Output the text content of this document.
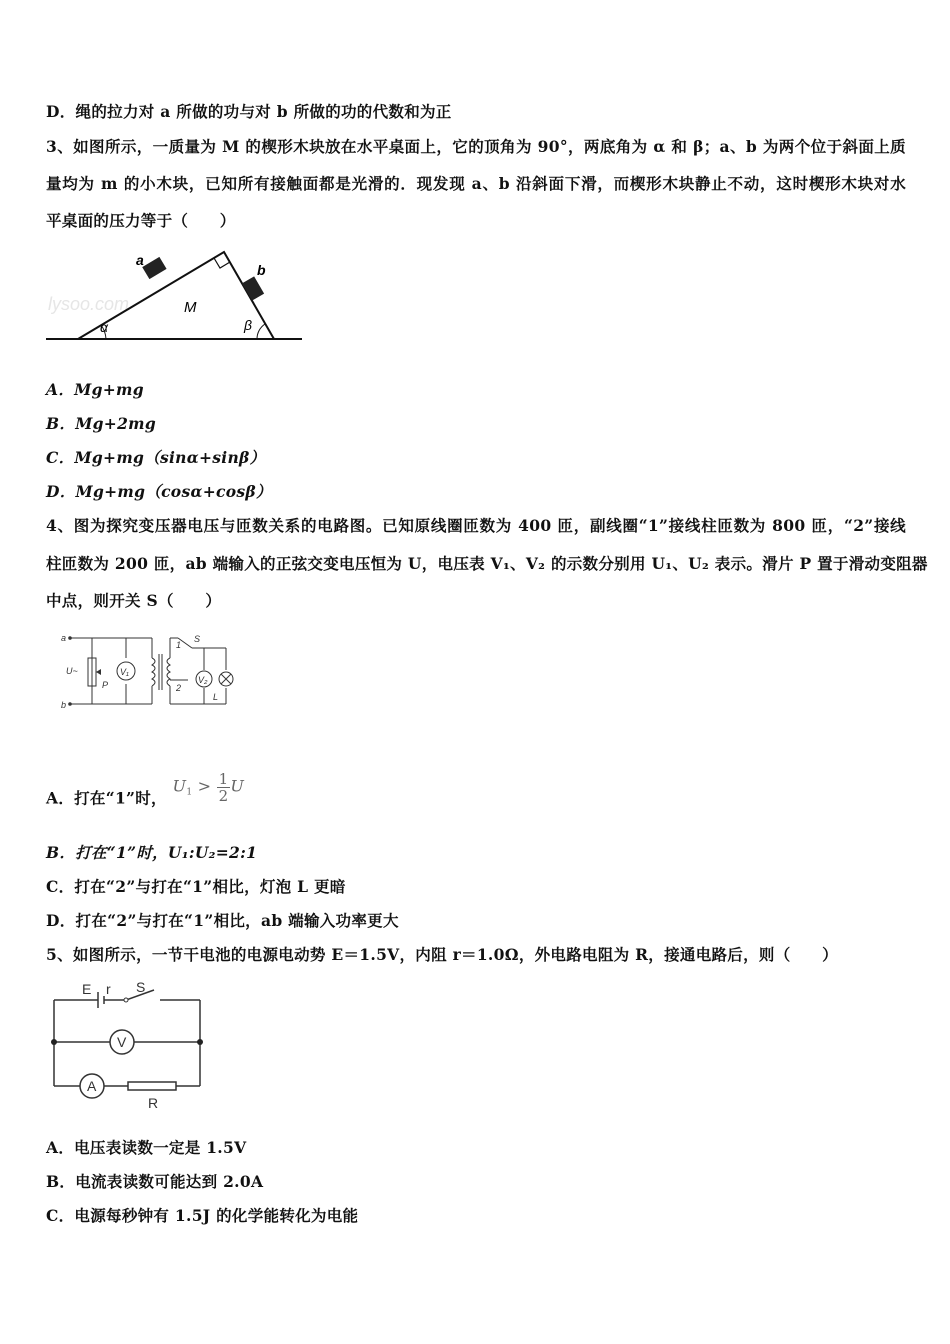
D．绳的拉力对 a 所做的功与对 b 所做的功的代数和为正
3、如图所示，一质量为 M 的楔形木块放在水平桌面上，它的顶角为 90°，两底角为 α 和 β；a、b 为两个位于斜面上质
量均为 m 的小木块，已知所有接触面都是光滑的．现发现 a、b 沿斜面下滑，而楔形木块静止不动，这时楔形木块对水
平桌面的压力等于（　　）
lysoo.com
a
b
M
α	β
A．Mg+mg
B．Mg+2mg
C．Mg+mg（sinα+sinβ）
D．Mg+mg（cosα+cosβ）
4、图为探究变压器电压与匝数关系的电路图。已知原线圈匝数为 400 匝，副线圈“1”接线柱匝数为 800 匝，“2”接线
柱匝数为 200 匝，ab 端输入的正弦交变电压恒为 U，电压表 V₁、V₂ 的示数分别用 U₁、U₂ 表示。滑片 P 置于滑动变阻器
中点，则开关 S（　　）
a
b
U~
P
V₁
S
1
2
V₂
L
A．打在“1”时， $U1 > \frac{1}{2}$ U
B．打在“1”时，U₁:U₂=2:1
C．打在“2”与打在“1”相比，灯泡 L 更暗
D．打在“2”与打在“1”相比，ab 端输入功率更大
5、如图所示，一节干电池的电源电动势 E＝1.5V，内阻 r＝1.0Ω，外电路电阻为 R，接通电路后，则（　　）
E r S
V
A
R
A．电压表读数一定是 1.5V
B．电流表读数可能达到 2.0A
C．电源每秒钟有 1.5J 的化学能转化为电能
